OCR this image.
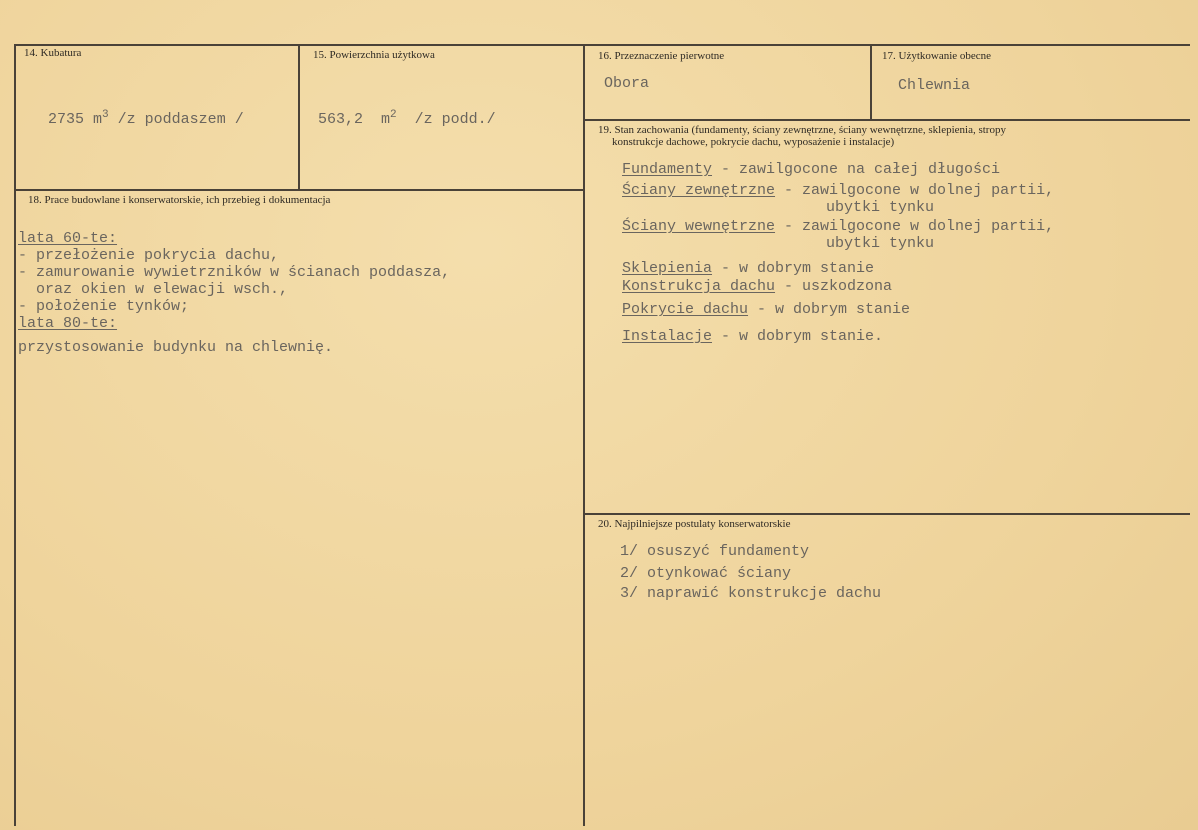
14. Kubatura
2735 $m^3$ /z poddaszem /
15. Powierzchnia użytkowa
563,2 $m^2$ /z podd./
16. Przeznaczenie pierwotne
Obora
17. Użytkowanie obecne
Chlewnia
18. Prace budowlane i konserwatorskie, ich przebieg i dokumentacja
lata 60-te:
- przełożenie pokrycia dachu,
- zamurowanie wywietrzników w ścianach poddasza,
oraz okien w elewacji wsch.,
- położenie tynków;
lata 80-te:
przystosowanie budynku na chlewnię.
19. Stan zachowania (fundamenty, ściany zewnętrzne, ściany wewnętrzne, sklepienia, stropy
konstrukcje dachowe, pokrycie dachu, wyposażenie i instalacje)
Fundamenty - zawilgocone na całej długości
Ściany zewnętrzne - zawilgocone w dolnej partii,
ubytki tynku
Ściany wewnętrzne - zawilgocone w dolnej partii,
ubytki tynku
Sklepienia - w dobrym stanie
Konstrukcja dachu - uszkodzona
Pokrycie dachu - w dobrym stanie
Instalacje - w dobrym stanie.
20. Najpilniejsze postulaty konserwatorskie
1/ osuszyć fundamenty
2/ otynkować ściany
3/ naprawić konstrukcje dachu
